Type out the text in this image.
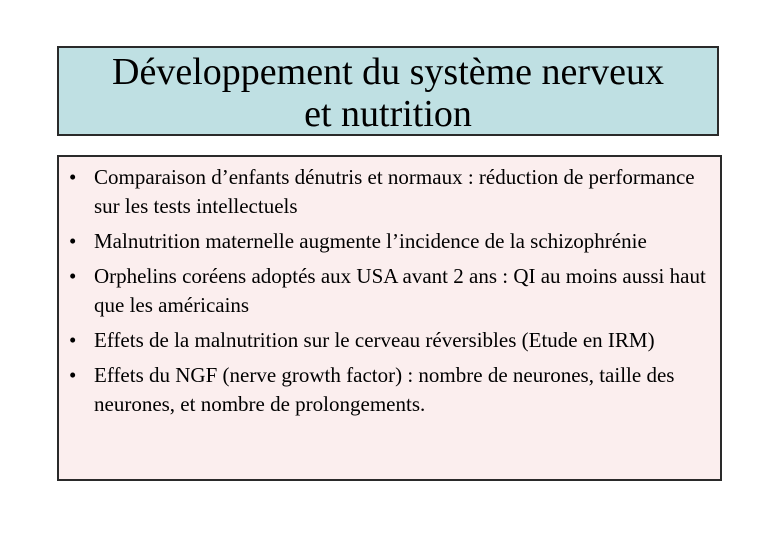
Développement du système nerveux
et nutrition
• Comparaison d’enfants dénutris et normaux : réduction de performance sur les tests intellectuels
• Malnutrition maternelle augmente l’incidence de la schizophrénie
• Orphelins coréens adoptés aux USA avant 2 ans : QI au moins aussi haut que les américains
• Effets de la malnutrition sur le cerveau réversibles (Etude en IRM)
• Effets du NGF (nerve growth factor) : nombre de neurones, taille des neurones, et nombre de prolongements.
